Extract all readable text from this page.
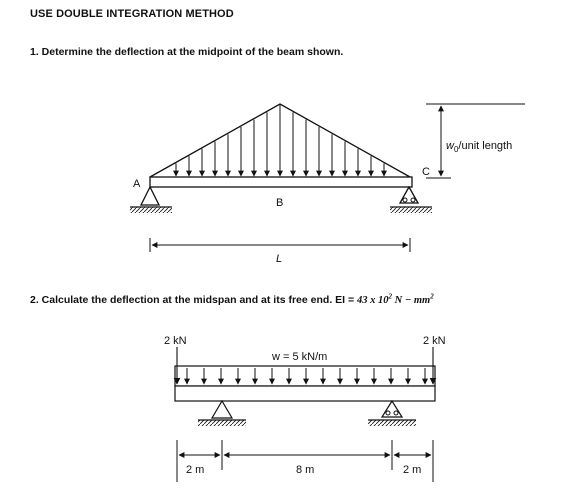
USE DOUBLE INTEGRATION METHOD
1. Determine the deflection at the midpoint of the beam shown.
2. Calculate the deflection at the midspan and at its free end. EI = 43 x $10^2$ $N - mm^2$
A
B
C
L
$w_0$/unit length
2 kN	2 kN
w = 5 kN/m
2 m	8 m	2 m
